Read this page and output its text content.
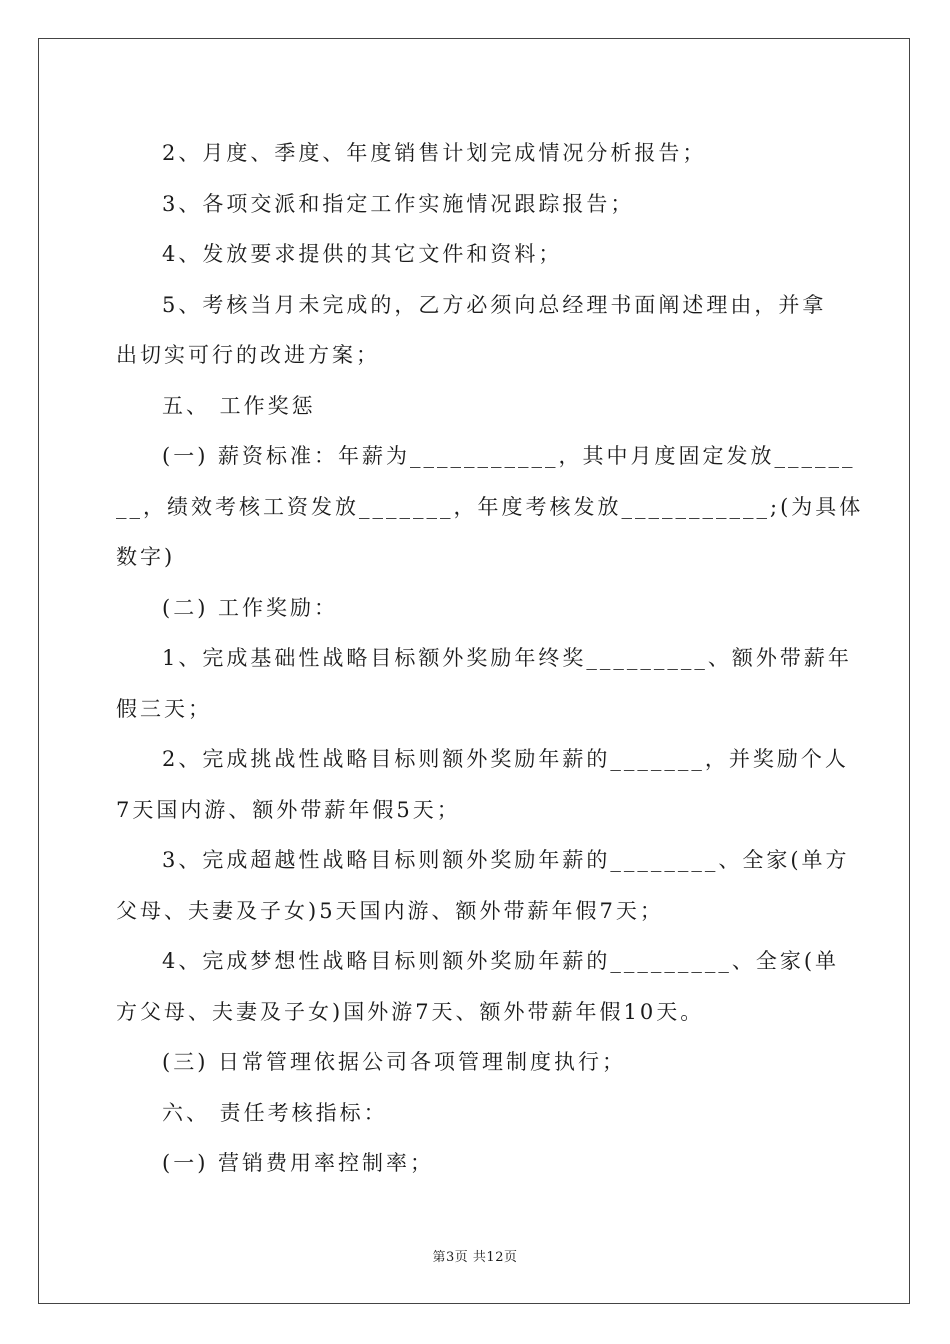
2、月度、季度、年度销售计划完成情况分析报告；
3、各项交派和指定工作实施情况跟踪报告；
4、发放要求提供的其它文件和资料；
5、考核当月未完成的，乙方必须向总经理书面阐述理由，并拿
出切实可行的改进方案；
五、 工作奖惩
(一) 薪资标准：年薪为___________，其中月度固定发放______
__，绩效考核工资发放_______，年度考核发放___________;(为具体
数字)
(二) 工作奖励：
1、完成基础性战略目标额外奖励年终奖_________、额外带薪年
假三天；
2、完成挑战性战略目标则额外奖励年薪的_______，并奖励个人
7天国内游、额外带薪年假5天；
3、完成超越性战略目标则额外奖励年薪的________、全家(单方
父母、夫妻及子女)5天国内游、额外带薪年假7天；
4、完成梦想性战略目标则额外奖励年薪的_________、全家(单
方父母、夫妻及子女)国外游7天、额外带薪年假10天。
(三) 日常管理依据公司各项管理制度执行；
六、 责任考核指标：
(一) 营销费用率控制率；
第3页 共12页
